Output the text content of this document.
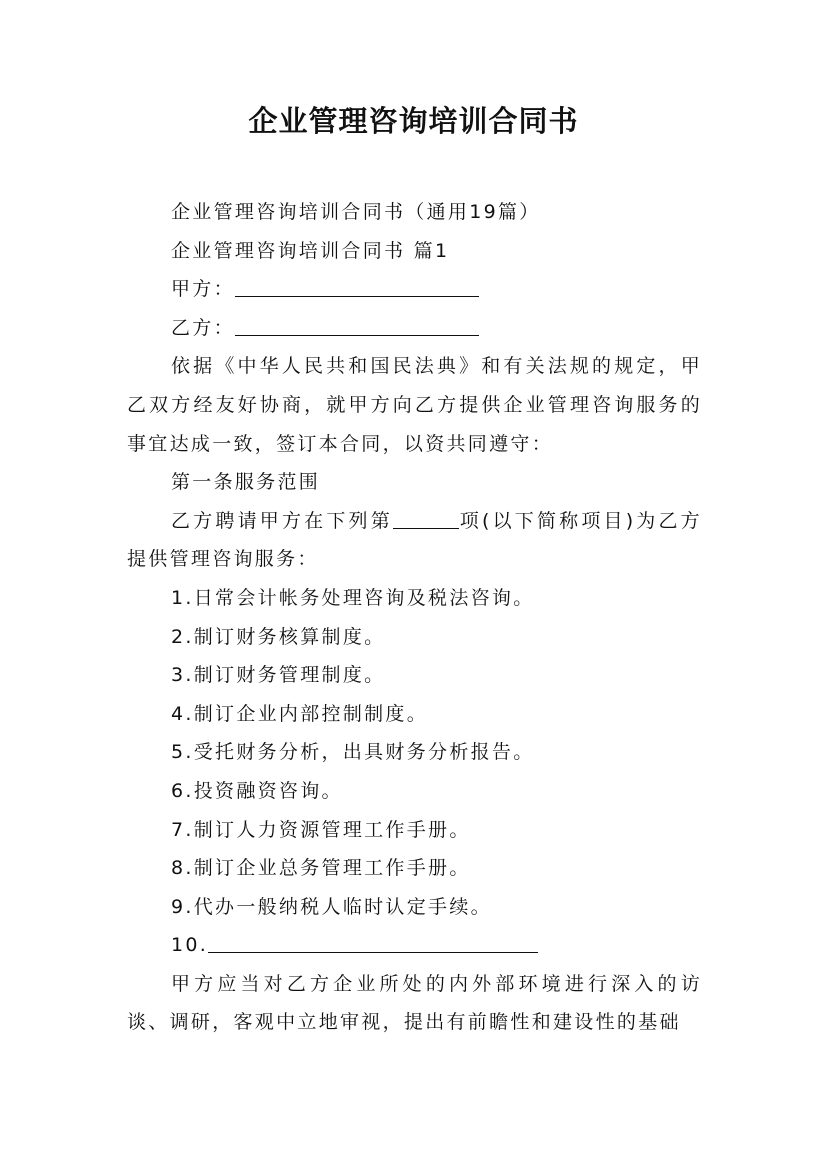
企业管理咨询培训合同书

企业管理咨询培训合同书（通用19篇）

企业管理咨询培训合同书 篇1

甲方：

乙方：

依据《中华人民共和国民法典》和有关法规的规定，甲乙双方经友好协商，就甲方向乙方提供企业管理咨询服务的事宜达成一致，签订本合同，以资共同遵守：

第一条服务范围

乙方聘请甲方在下列第	项(以下简称项目)为乙方提供管理咨询服务：

1.日常会计帐务处理咨询及税法咨询。

2.制订财务核算制度。

3.制订财务管理制度。

4.制订企业内部控制制度。

5.受托财务分析，出具财务分析报告。

6.投资融资咨询。

7.制订人力资源管理工作手册。

8.制订企业总务管理工作手册。

9.代办一般纳税人临时认定手续。

10.

甲方应当对乙方企业所处的内外部环境进行深入的访谈、调研，客观中立地审视，提出有前瞻性和建设性的基础
